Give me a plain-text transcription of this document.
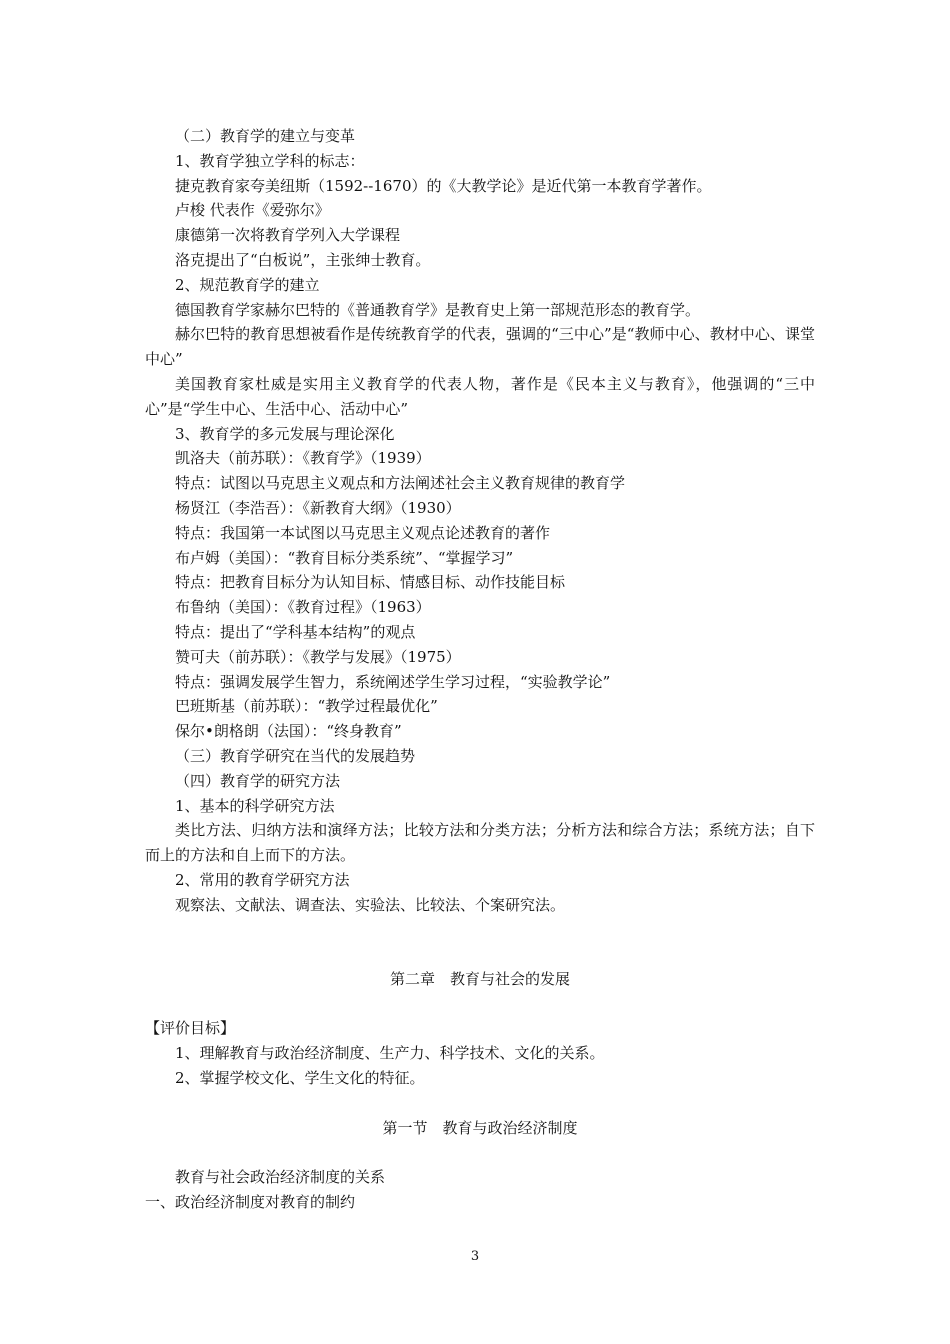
（二）教育学的建立与变革

1、教育学独立学科的标志：

捷克教育家夸美纽斯（1592--1670）的《大教学论》是近代第一本教育学著作。

卢梭 代表作《爱弥尔》

康德第一次将教育学列入大学课程

洛克提出了“白板说”，主张绅士教育。

2、规范教育学的建立

德国教育学家赫尔巴特的《普通教育学》是教育史上第一部规范形态的教育学。

赫尔巴特的教育思想被看作是传统教育学的代表，强调的“三中心”是“教师中心、教材中心、课堂中心”

美国教育家杜威是实用主义教育学的代表人物，著作是《民本主义与教育》，他强调的“三中心”是“学生中心、生活中心、活动中心”

3、教育学的多元发展与理论深化

凯洛夫（前苏联）：《教育学》（1939）

特点：试图以马克思主义观点和方法阐述社会主义教育规律的教育学

杨贤江（李浩吾）：《新教育大纲》（1930）

特点：我国第一本试图以马克思主义观点论述教育的著作

布卢姆（美国）：“教育目标分类系统”、“掌握学习”

特点：把教育目标分为认知目标、情感目标、动作技能目标

布鲁纳（美国）：《教育过程》（1963）

特点：提出了“学科基本结构”的观点

赞可夫（前苏联）：《教学与发展》（1975）

特点：强调发展学生智力，系统阐述学生学习过程，“实验教学论”

巴班斯基（前苏联）：“教学过程最优化”

保尔•朗格朗（法国）：“终身教育”

（三）教育学研究在当代的发展趋势

（四）教育学的研究方法

1、基本的科学研究方法

类比方法、归纳方法和演绎方法；比较方法和分类方法；分析方法和综合方法；系统方法；自下而上的方法和自上而下的方法。

2、常用的教育学研究方法

观察法、文献法、调查法、实验法、比较法、个案研究法。

第二章　教育与社会的发展

【评价目标】

1、理解教育与政治经济制度、生产力、科学技术、文化的关系。

2、掌握学校文化、学生文化的特征。

第一节　教育与政治经济制度

教育与社会政治经济制度的关系

一、政治经济制度对教育的制约

3
